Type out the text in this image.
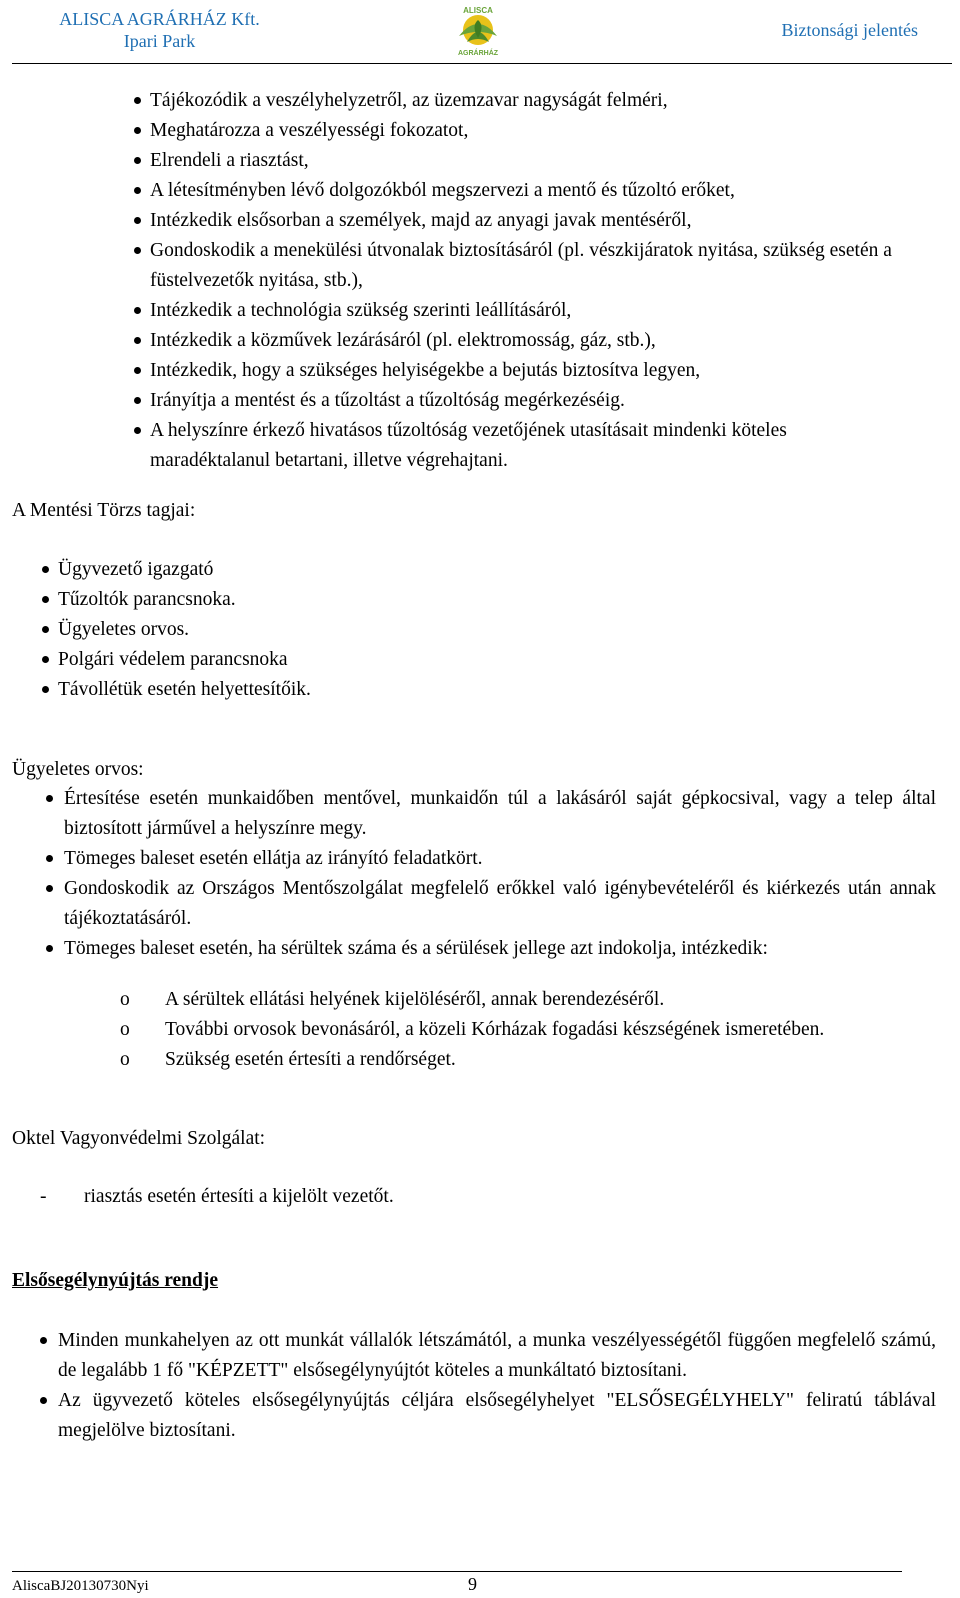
ALISCA AGRÁRHÁZ Kft.
Ipari Park
ALISCA
AGRÁRHÁZ
Biztonsági jelentés
Tájékozódik a veszélyhelyzetről, az üzemzavar nagyságát felméri,
Meghatározza a veszélyességi fokozatot,
Elrendeli a riasztást,
A létesítményben lévő dolgozókból megszervezi a mentő és tűzoltó erőket,
Intézkedik elsősorban a személyek, majd az anyagi javak mentéséről,
Gondoskodik a menekülési útvonalak biztosításáról (pl. vészkijáratok nyitása, szükség esetén a füstelvezetők nyitása, stb.),
Intézkedik a technológia szükség szerinti leállításáról,
Intézkedik a közművek lezárásáról (pl. elektromosság, gáz, stb.),
Intézkedik, hogy a szükséges helyiségekbe a bejutás biztosítva legyen,
Irányítja a mentést és a tűzoltást a tűzoltóság megérkezéséig.
A helyszínre érkező hivatásos tűzoltóság vezetőjének utasításait mindenki köteles maradéktalanul betartani, illetve végrehajtani.
A Mentési Törzs tagjai:
Ügyvezető igazgató
Tűzoltók parancsnoka.
Ügyeletes orvos.
Polgári védelem parancsnoka
Távollétük esetén helyettesítőik.
Ügyeletes orvos:
Értesítése esetén munkaidőben mentővel, munkaidőn túl a lakásáról saját gépkocsival, vagy a telep által biztosított járművel a helyszínre megy.
Tömeges baleset esetén ellátja az irányító feladatkört.
Gondoskodik az Országos Mentőszolgálat megfelelő erőkkel való igénybevételéről és kiérkezés után annak tájékoztatásáról.
Tömeges baleset esetén, ha sérültek száma és a sérülések jellege azt indokolja, intézkedik:
o A sérültek ellátási helyének kijelöléséről, annak berendezéséről.
o További orvosok bevonásáról, a közeli Kórházak fogadási készségének ismeretében.
o Szükség esetén értesíti a rendőrséget.
Oktel Vagyonvédelmi Szolgálat:
- riasztás esetén értesíti a kijelölt vezetőt.
Elsősegélynyújtás rendje
Minden munkahelyen az ott munkát vállalók létszámától, a munka veszélyességétől függően megfelelő számú, de legalább 1 fő "KÉPZETT" elsősegélynyújtót köteles a munkáltató biztosítani.
Az ügyvezető köteles elsősegélynyújtás céljára elsősegélyhelyet "ELSŐSEGÉLYHELY" feliratú táblával megjelölve biztosítani.
AliscaBJ20130730Nyi	9
